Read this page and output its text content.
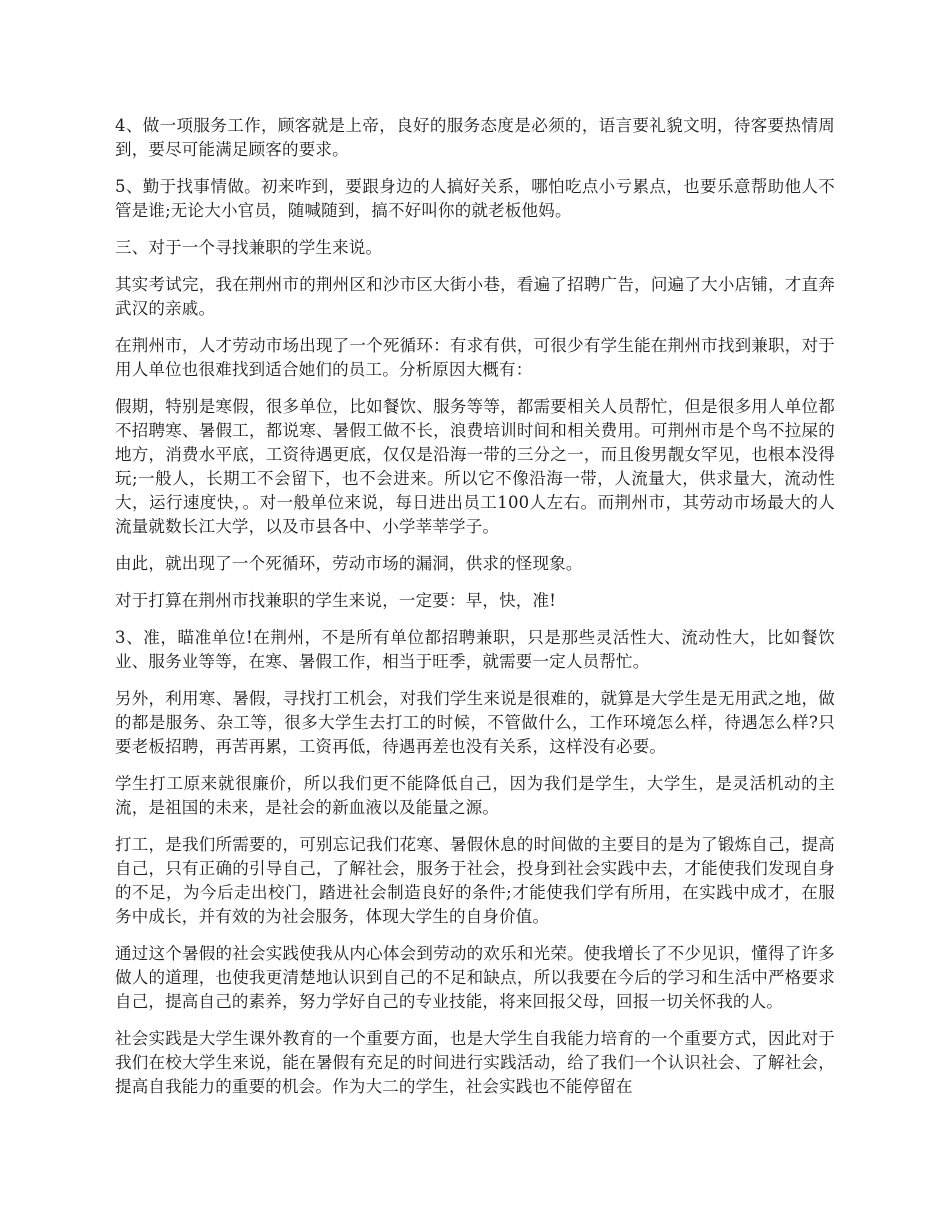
4、做一项服务工作，顾客就是上帝，良好的服务态度是必须的，语言要礼貌文明，待客要热情周到，要尽可能满足顾客的要求。

5、勤于找事情做。初来咋到，要跟身边的人搞好关系，哪怕吃点小亏累点，也要乐意帮助他人不管是谁;无论大小官员，随喊随到，搞不好叫你的就老板他妈。

三、对于一个寻找兼职的学生来说。

其实考试完，我在荆州市的荆州区和沙市区大街小巷，看遍了招聘广告，问遍了大小店铺，才直奔武汉的亲戚。

在荆州市，人才劳动市场出现了一个死循环：有求有供，可很少有学生能在荆州市找到兼职，对于用人单位也很难找到适合她们的员工。分析原因大概有：

假期，特别是寒假，很多单位，比如餐饮、服务等等，都需要相关人员帮忙，但是很多用人单位都不招聘寒、暑假工，都说寒、暑假工做不长，浪费培训时间和相关费用。可荆州市是个鸟不拉屎的地方，消费水平底，工资待遇更底，仅仅是沿海一带的三分之一，而且俊男靓女罕见，也根本没得玩;一般人，长期工不会留下，也不会进来。所以它不像沿海一带，人流量大，供求量大，流动性大，运行速度快，。对一般单位来说，每日进出员工100人左右。而荆州市，其劳动市场最大的人流量就数长江大学，以及市县各中、小学莘莘学子。

由此，就出现了一个死循环，劳动市场的漏洞，供求的怪现象。

对于打算在荆州市找兼职的学生来说，一定要：早，快，准!

3、准，瞄准单位!在荆州，不是所有单位都招聘兼职，只是那些灵活性大、流动性大，比如餐饮业、服务业等等，在寒、暑假工作，相当于旺季，就需要一定人员帮忙。

另外，利用寒、暑假，寻找打工机会，对我们学生来说是很难的，就算是大学生是无用武之地，做的都是服务、杂工等，很多大学生去打工的时候，不管做什么，工作环境怎么样，待遇怎么样?只要老板招聘，再苦再累，工资再低，待遇再差也没有关系，这样没有必要。

学生打工原来就很廉价，所以我们更不能降低自己，因为我们是学生，大学生，是灵活机动的主流，是祖国的未来，是社会的新血液以及能量之源。

打工，是我们所需要的，可别忘记我们花寒、暑假休息的时间做的主要目的是为了锻炼自己，提高自己，只有正确的引导自己，了解社会，服务于社会，投身到社会实践中去，才能使我们发现自身的不足，为今后走出校门，踏进社会制造良好的条件;才能使我们学有所用，在实践中成才，在服务中成长，并有效的为社会服务，体现大学生的自身价值。

通过这个暑假的社会实践使我从内心体会到劳动的欢乐和光荣。使我增长了不少见识，懂得了许多做人的道理，也使我更清楚地认识到自己的不足和缺点，所以我要在今后的学习和生活中严格要求自己，提高自己的素养，努力学好自己的专业技能，将来回报父母，回报一切关怀我的人。

社会实践是大学生课外教育的一个重要方面，也是大学生自我能力培育的一个重要方式，因此对于我们在校大学生来说，能在暑假有充足的时间进行实践活动，给了我们一个认识社会、了解社会，提高自我能力的重要的机会。作为大二的学生，社会实践也不能停留在
